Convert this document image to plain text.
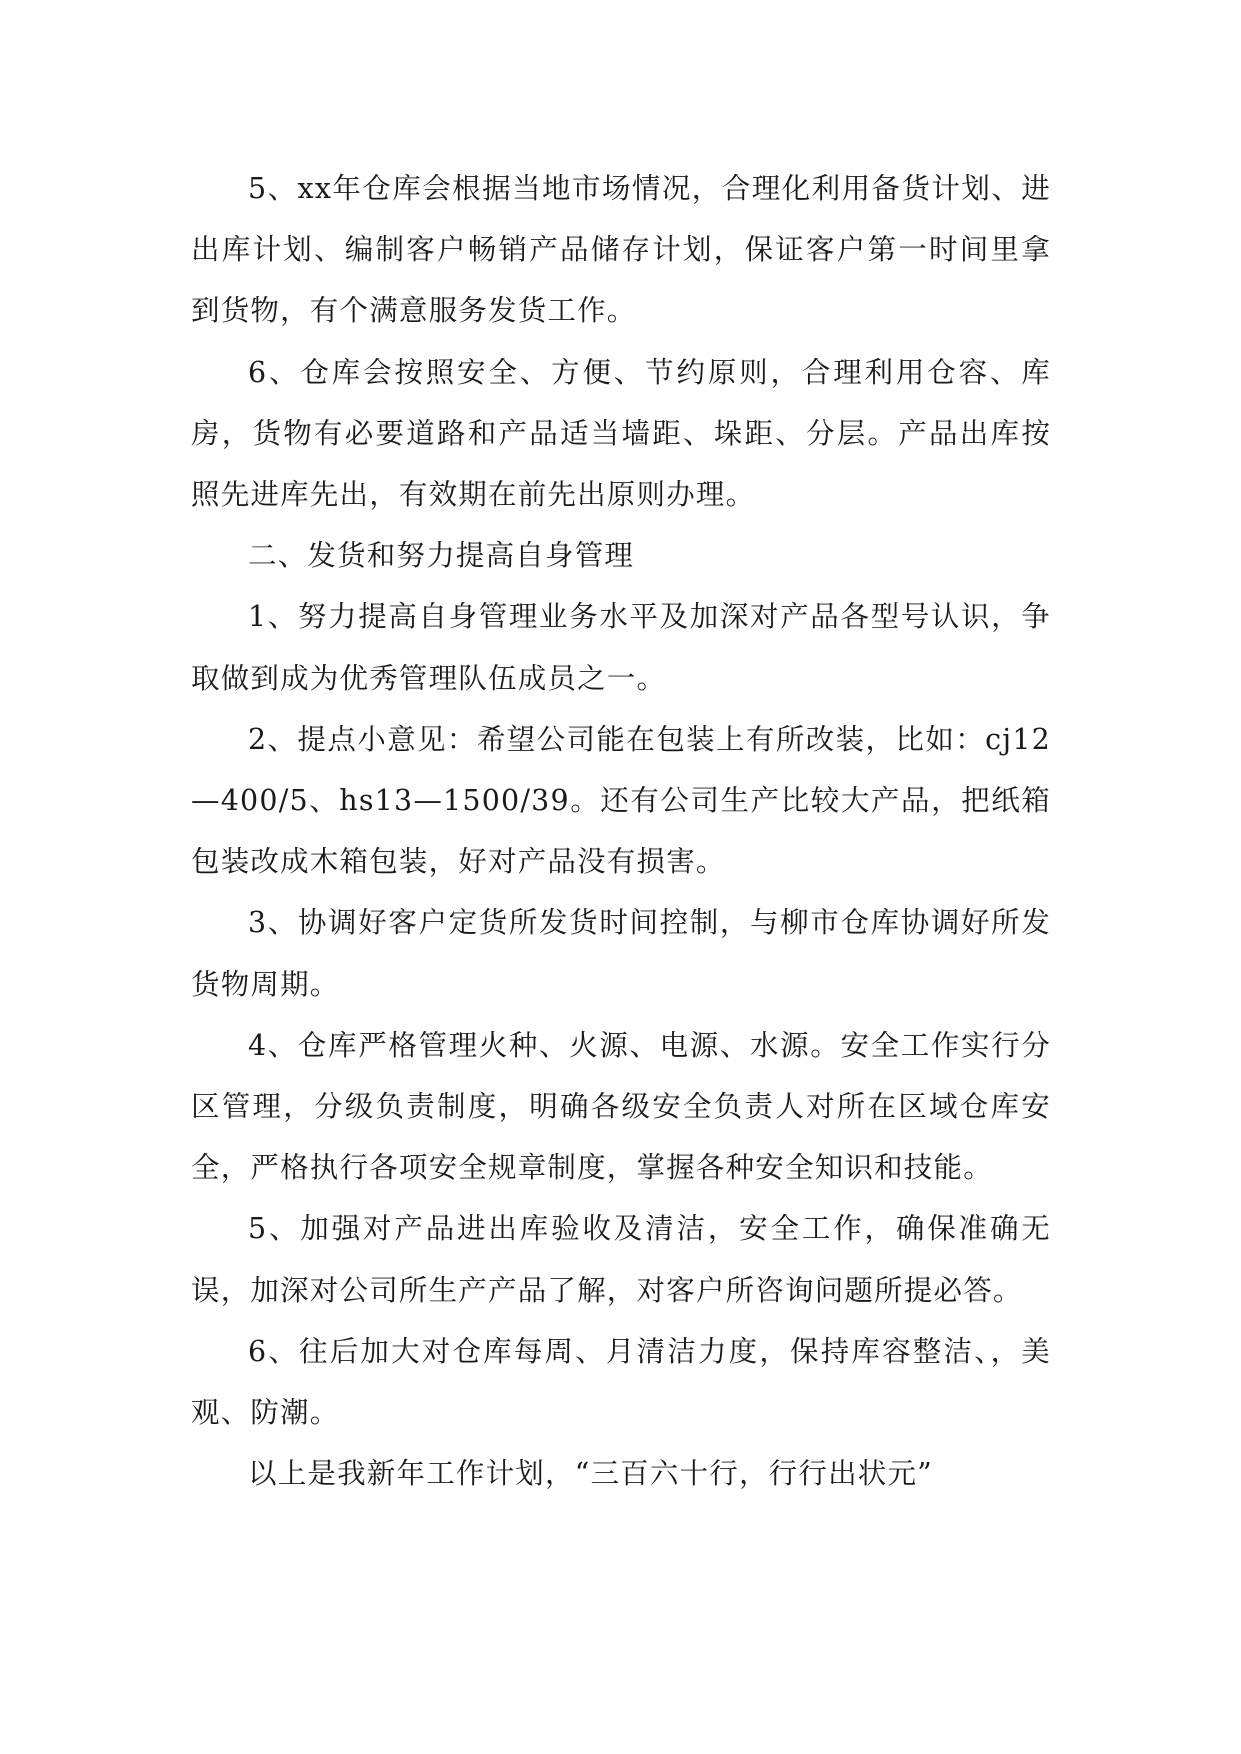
5、xx年仓库会根据当地市场情况，合理化利用备货计划、进出库计划、编制客户畅销产品储存计划，保证客户第一时间里拿到货物，有个满意服务发货工作。

6、仓库会按照安全、方便、节约原则，合理利用仓容、库房，货物有必要道路和产品适当墙距、垛距、分层。产品出库按照先进库先出，有效期在前先出原则办理。

二、发货和努力提高自身管理

1、努力提高自身管理业务水平及加深对产品各型号认识，争取做到成为优秀管理队伍成员之一。

2、提点小意见：希望公司能在包装上有所改装，比如：cj12—400/5、hs13—1500/39。还有公司生产比较大产品，把纸箱包装改成木箱包装，好对产品没有损害。

3、协调好客户定货所发货时间控制，与柳市仓库协调好所发货物周期。

4、仓库严格管理火种、火源、电源、水源。安全工作实行分区管理，分级负责制度，明确各级安全负责人对所在区域仓库安全，严格执行各项安全规章制度，掌握各种安全知识和技能。

5、加强对产品进出库验收及清洁，安全工作，确保准确无误，加深对公司所生产产品了解，对客户所咨询问题所提必答。

6、往后加大对仓库每周、月清洁力度，保持库容整洁、，美观、防潮。

以上是我新年工作计划，“三百六十行，行行出状元”
